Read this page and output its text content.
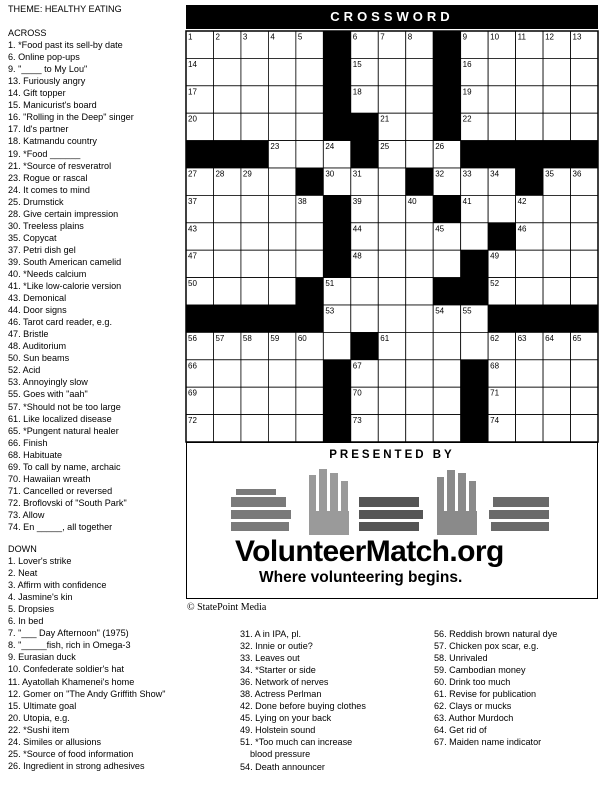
THEME: HEALTHY EATING
ACROSS
1. *Food past its sell-by date
6. Online pop-ups
9. "____ to My Lou"
13. Furiously angry
14. Gift topper
15. Manicurist's board
16. "Rolling in the Deep" singer
17. Id's partner
18. Katmandu country
19. *Food ______
21. *Source of resveratrol
23. Rogue or rascal
24. It comes to mind
25. Drumstick
28. Give certain impression
30. Treeless plains
35. Copycat
37. Petri dish gel
39. South American camelid
40. *Needs calcium
41. *Like low-calorie version
43. Demonical
44. Door signs
46. Tarot card reader, e.g.
47. Bristle
48. Auditorium
50. Sun beams
52. Acid
53. Annoyingly slow
55. Goes with "aah"
57. *Should not be too large
61. Like localized disease
65. *Pungent natural healer
66. Finish
68. Habituate
69. To call by name, archaic
70. Hawaiian wreath
71. Cancelled or reversed
72. Broflovski of "South Park"
73. Allow
74. En _____, all together
DOWN
1. Lover's strike
2. Neat
3. Affirm with confidence
4. Jasmine's kin
5. Dropsies
6. In bed
7. "___ Day Afternoon" (1975)
8. "_____fish, rich in Omega-3
9. Eurasian duck
10. Confederate soldier's hat
11. Ayatollah Khamenei's home
12. Gomer on "The Andy Griffith Show"
15. Ultimate goal
20. Utopia, e.g.
22. *Sushi item
24. Similes or allusions
25. *Source of food information
26. Ingredient in strong adhesives
31. A in IPA, pl.
32. Innie or outie?
33. Leaves out
34. *Starter or side
36. Network of nerves
38. Actress Perlman
42. Done before buying clothes
45. Lying on your back
49. Holstein sound
51. *Too much can increase
blood pressure
54. Death announcer
56. Reddish brown natural dye
57. Chicken pox scar, e.g.
58. Unrivaled
59. Cambodian money
60. Drink too much
61. Revise for publication
62. Clays or mucks
63. Author Murdoch
64. Get rid of
67. Maiden name indicator
CROSSWORD
1	2	3	4	5	6	7	8	9	10 11 12 13
14	15	16
17	18	19
20	21	22
23	24	25	26
27 28 29	30 31	32 33 34	35 36
37	38	39	40	41	42
43	44	45	46
47	48	49
50	51	52
53	54 55
56 57 58 59 60	61	62 63 64 65
66	67	68
69	70	71
72	73	74
PRESENTED BY
VolunteerMatch.org
Where volunteering begins.
© StatePoint Media
